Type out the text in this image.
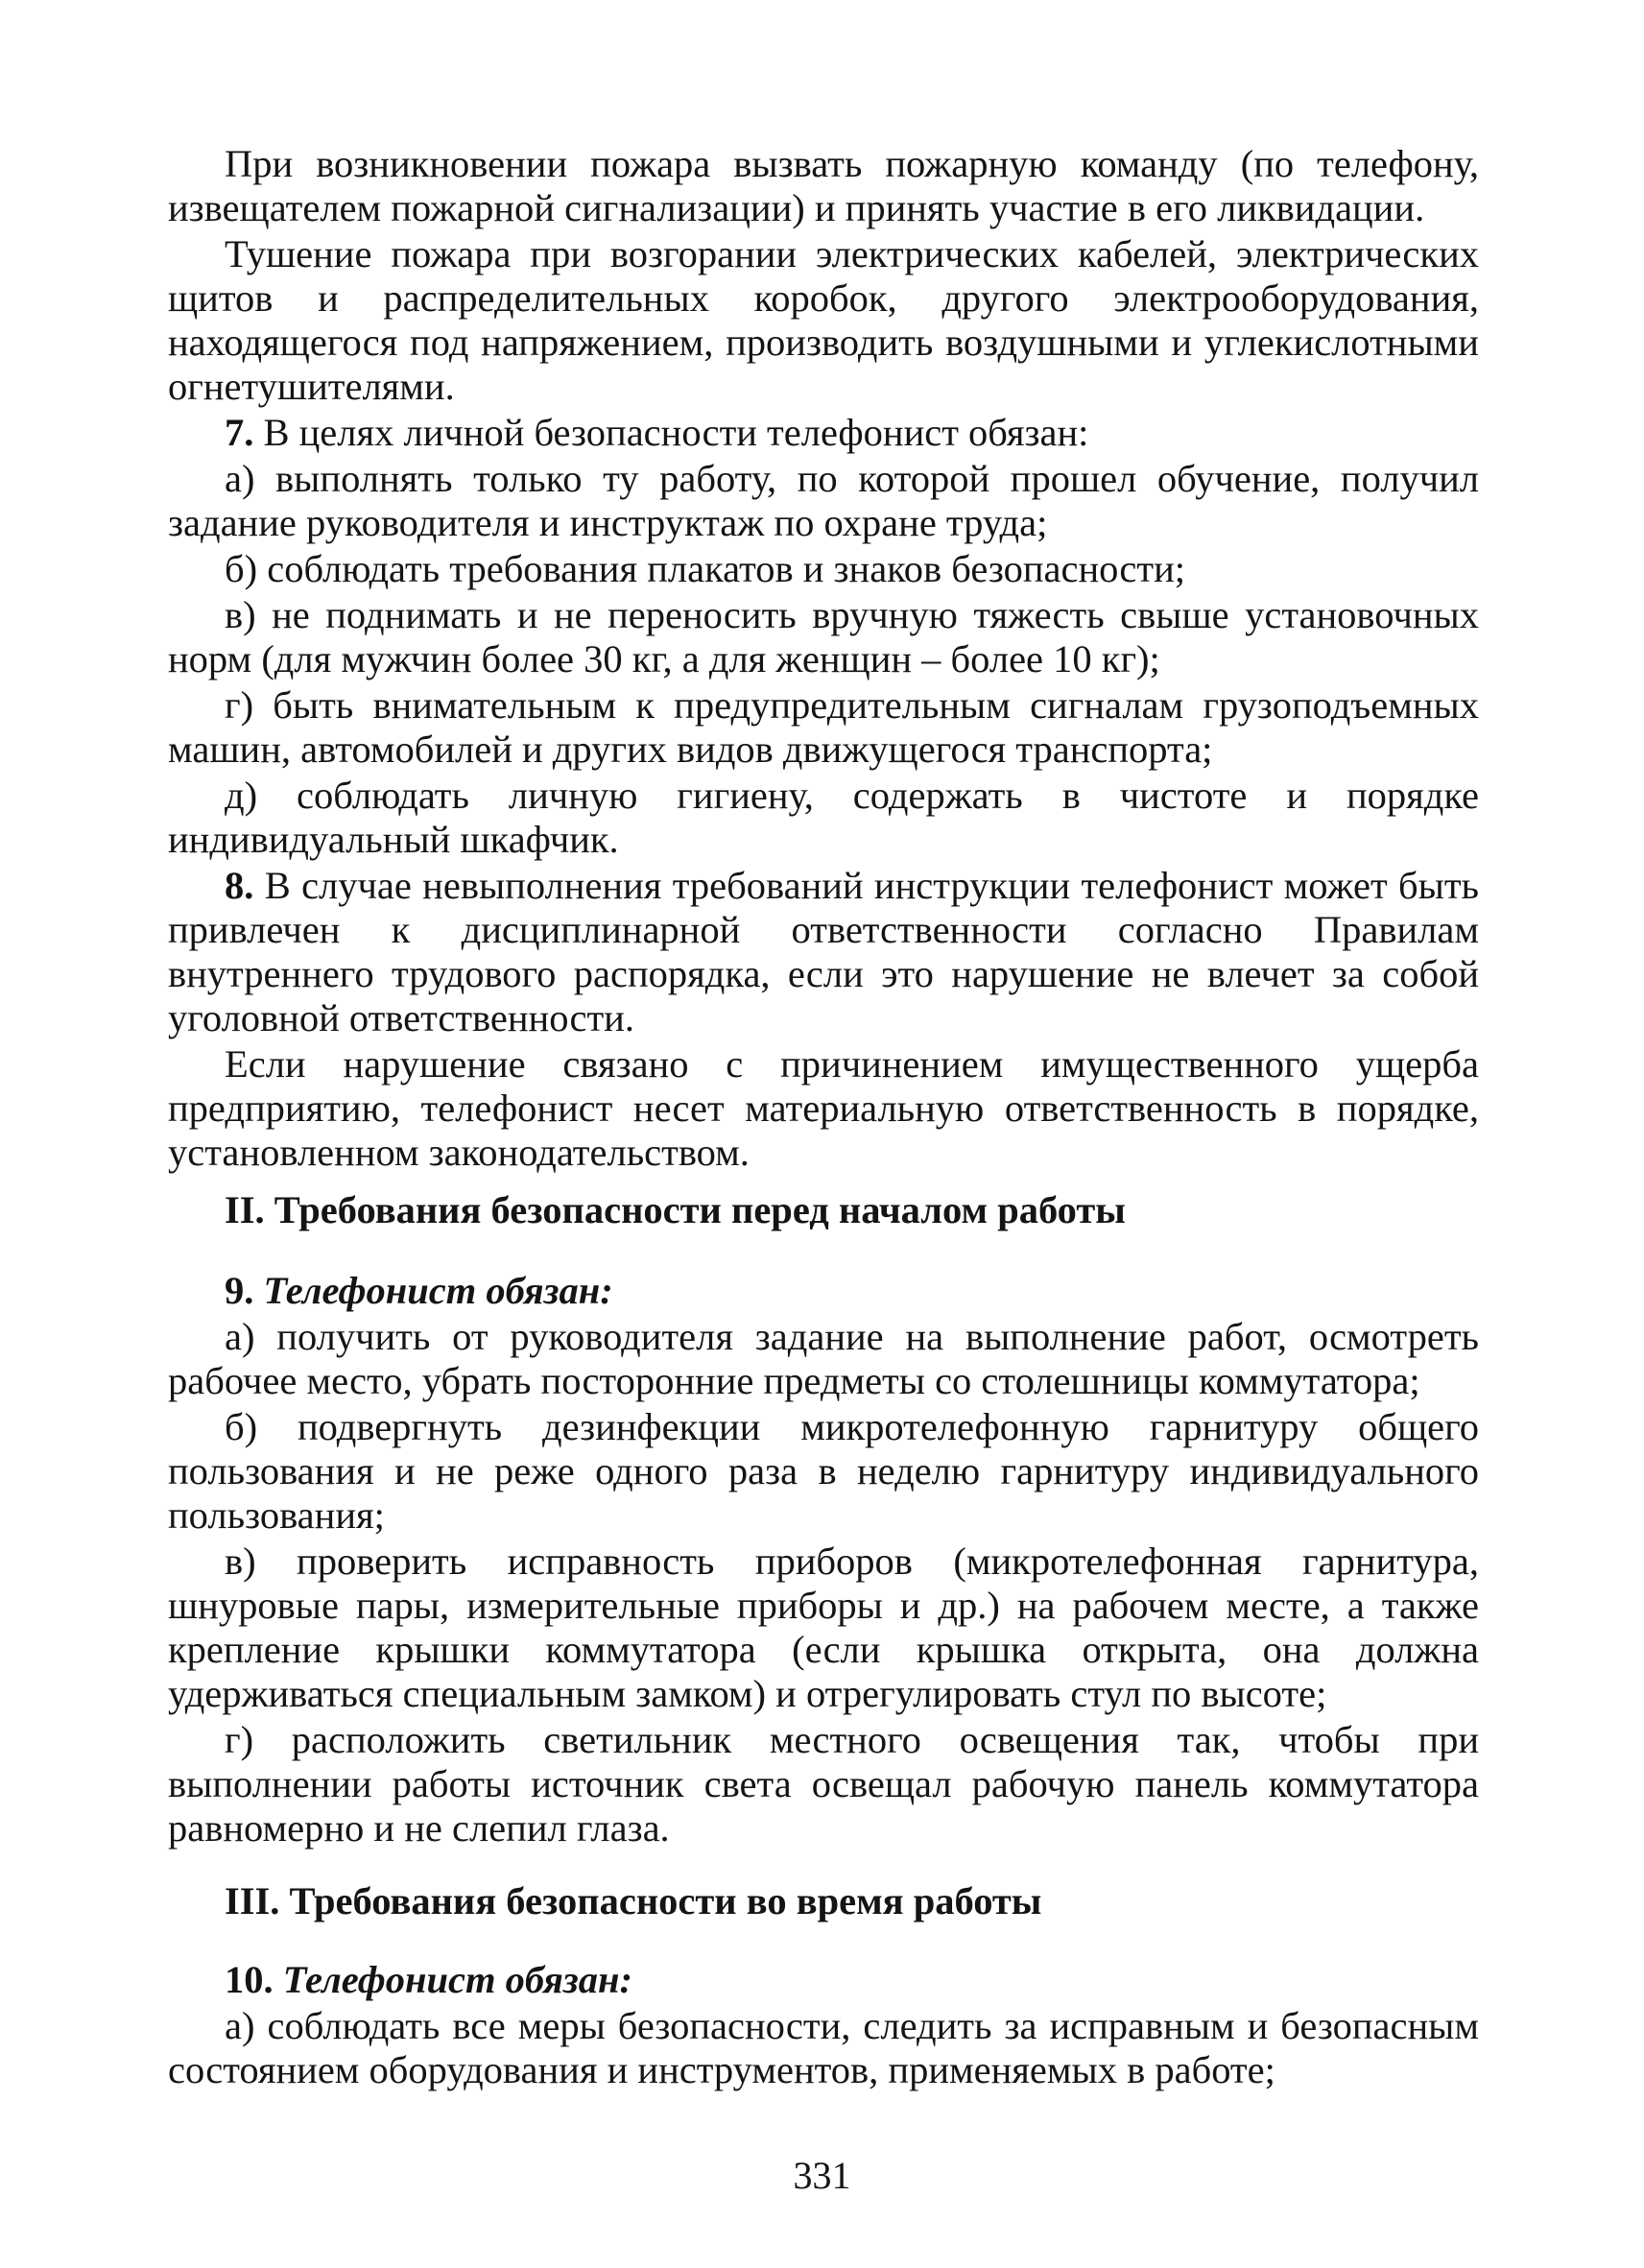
При возникновении пожара вызвать пожарную команду (по телефону, извещателем пожарной сигнализации) и принять участие в его ликвидации.

Тушение пожара при возгорании электрических кабелей, электрических щитов и распределительных коробок, другого электрооборудования, находящегося под напряжением, производить воздушными и углекислотными огнетушителями.

7. В целях личной безопасности телефонист обязан:

а) выполнять только ту работу, по которой прошел обучение, получил задание руководителя и инструктаж по охране труда;

б) соблюдать требования плакатов и знаков безопасности;

в) не поднимать и не переносить вручную тяжесть свыше установочных норм (для мужчин более 30 кг, а для женщин – более 10 кг);

г) быть внимательным к предупредительным сигналам грузоподъемных машин, автомобилей и других видов движущегося транспорта;

д) соблюдать личную гигиену, содержать в чистоте и порядке индивидуальный шкафчик.

8. В случае невыполнения требований инструкции телефонист может быть привлечен к дисциплинарной ответственности согласно Правилам внутреннего трудового распорядка, если это нарушение не влечет за собой уголовной ответственности.

Если нарушение связано с причинением имущественного ущерба предприятию, телефонист несет материальную ответственность в порядке, установленном законодательством.

II. Требования безопасности перед началом работы

9. Телефонист обязан:

а) получить от руководителя задание на выполнение работ, осмотреть рабочее место, убрать посторонние предметы со столешницы коммутатора;

б) подвергнуть дезинфекции микротелефонную гарнитуру общего пользования и не реже одного раза в неделю гарнитуру индивидуального пользования;

в) проверить исправность приборов (микротелефонная гарнитура, шнуровые пары, измерительные приборы и др.) на рабочем месте, а также крепление крышки коммутатора (если крышка открыта, она должна удерживаться специальным замком) и отрегулировать стул по высоте;

г) расположить светильник местного освещения так, чтобы при выполнении работы источник света освещал рабочую панель коммутатора равномерно и не слепил глаза.

III. Требования безопасности во время работы

10. Телефонист обязан:

а) соблюдать все меры безопасности, следить за исправным и безопасным состоянием оборудования и инструментов, применяемых в работе;

331
